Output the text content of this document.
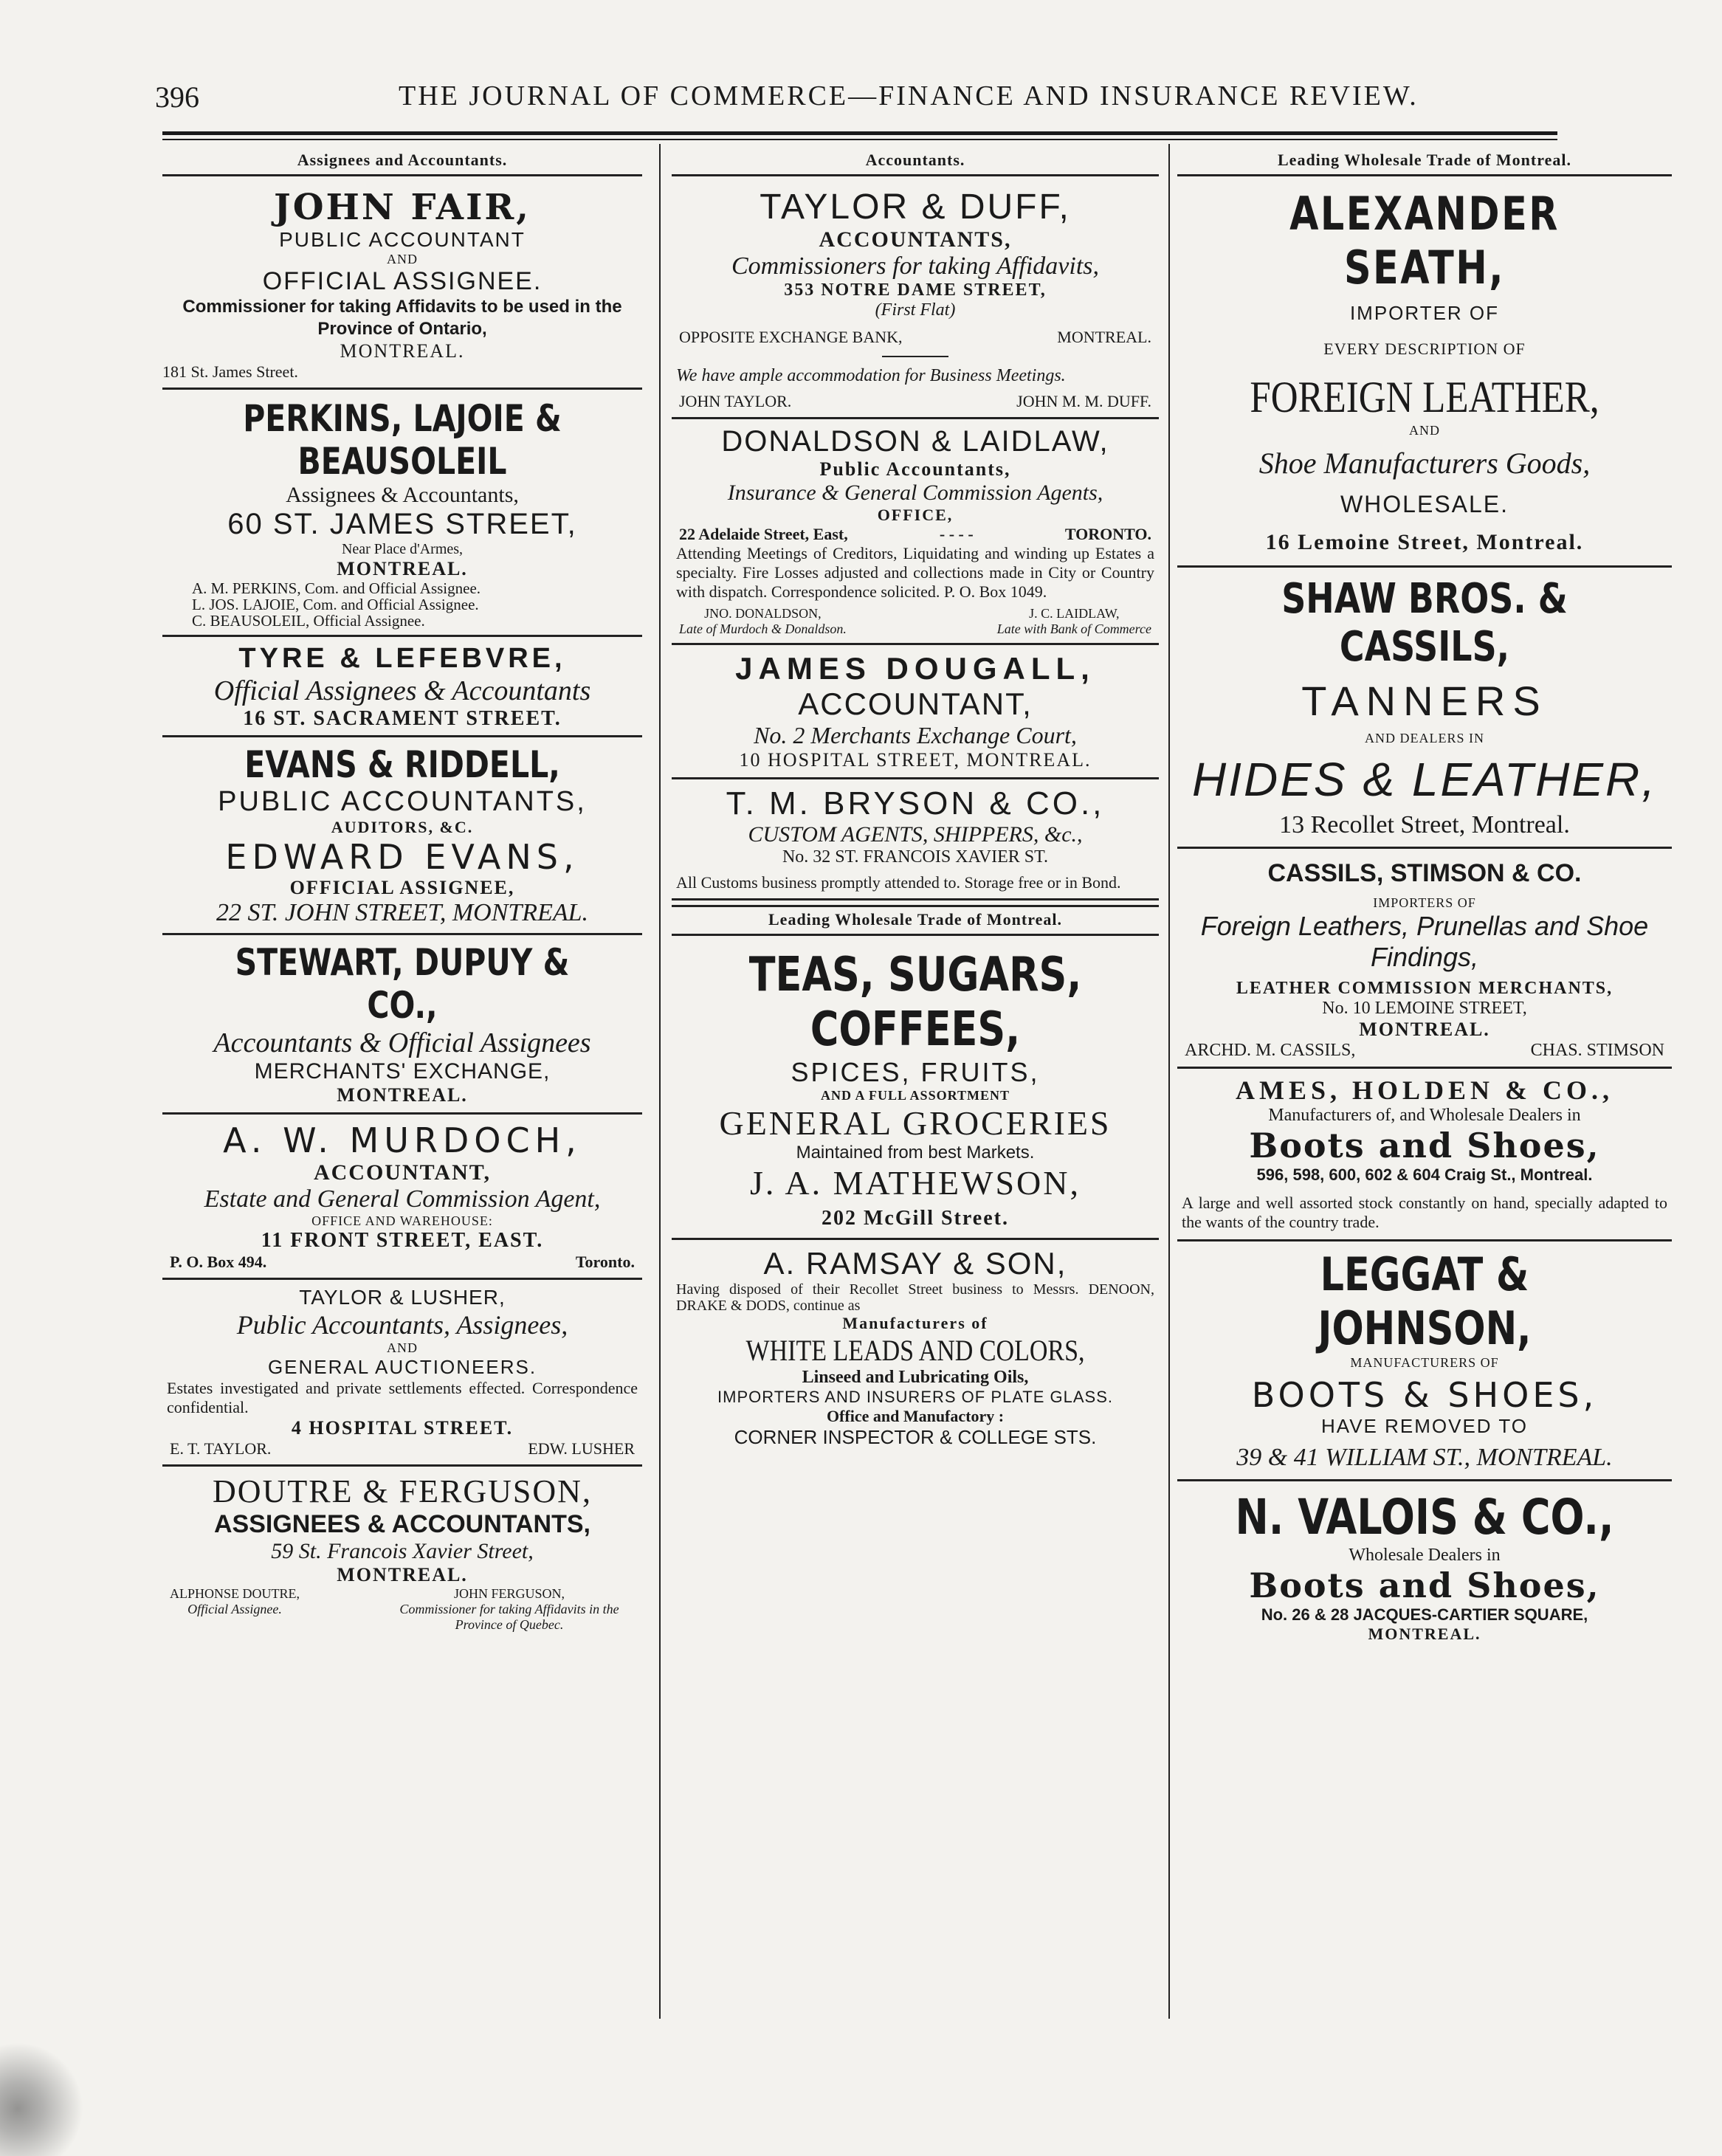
396	THE JOURNAL OF COMMERCE—FINANCE AND INSURANCE REVIEW.
Assignees and Accountants.
JOHN FAIR,
PUBLIC ACCOUNTANT
AND
OFFICIAL ASSIGNEE.
Commissioner for taking Affidavits to be used in the Province of Ontario,
MONTREAL.
181 St. James Street.
PERKINS, LAJOIE & BEAUSOLEIL
Assignees & Accountants,
60 ST. JAMES STREET,
Near Place d'Armes,
MONTREAL.
A. M. PERKINS, Com. and Official Assignee.
L. JOS. LAJOIE, Com. and Official Assignee.
C. BEAUSOLEIL, Official Assignee.
TYRE & LEFEBVRE,
Official Assignees & Accountants
16 ST. SACRAMENT STREET.
EVANS & RIDDELL,
PUBLIC ACCOUNTANTS,
AUDITORS, &C.
EDWARD EVANS,
OFFICIAL ASSIGNEE,
22 ST. JOHN STREET, MONTREAL.
STEWART, DUPUY & CO.,
Accountants & Official Assignees
MERCHANTS' EXCHANGE,
MONTREAL.
A. W. MURDOCH,
ACCOUNTANT,
Estate and General Commission Agent,
OFFICE AND WAREHOUSE:
11 FRONT STREET, EAST.
P. O. Box 494.	Toronto.
TAYLOR & LUSHER,
Public Accountants, Assignees,
AND
GENERAL AUCTIONEERS.
Estates investigated and private settlements effected. Correspondence confidential.
4 HOSPITAL STREET.
E. T. TAYLOR.	EDW. LUSHER
DOUTRE & FERGUSON,
ASSIGNEES & ACCOUNTANTS,
59 St. Francois Xavier Street,
MONTREAL.
ALPHONSE DOUTRE,
Official Assignee.
JOHN FERGUSON,
Commissioner for taking Affidavits in the Province of Quebec.
Accountants.
TAYLOR & DUFF,
ACCOUNTANTS,
Commissioners for taking Affidavits,
353 NOTRE DAME STREET,
(First Flat)
OPPOSITE EXCHANGE BANK,	MONTREAL.
We have ample accommodation for Business Meetings.
JOHN TAYLOR.	JOHN M. M. DUFF.
DONALDSON & LAIDLAW,
Public Accountants,
Insurance & General Commission Agents,
OFFICE,
22 Adelaide Street, East,	- - - -	TORONTO.
Attending Meetings of Creditors, Liquidating and winding up Estates a specialty. Fire Losses adjusted and collections made in City or Country with dispatch. Correspondence solicited. P. O. Box 1049.
JNO. DONALDSON,
Late of Murdoch & Donaldson.
J. C. LAIDLAW,
Late with Bank of Commerce
JAMES DOUGALL,
ACCOUNTANT,
No. 2 Merchants Exchange Court,
10 HOSPITAL STREET, MONTREAL.
T. M. BRYSON & CO.,
CUSTOM AGENTS, SHIPPERS, &c.,
No. 32 ST. FRANCOIS XAVIER ST.
All Customs business promptly attended to. Storage free or in Bond.
Leading Wholesale Trade of Montreal.
TEAS, SUGARS, COFFEES,
SPICES, FRUITS,
AND A FULL ASSORTMENT
GENERAL GROCERIES
Maintained from best Markets.
J. A. MATHEWSON,
202 McGill Street.
A. RAMSAY & SON,
Having disposed of their Recollet Street business to Messrs. DENOON, DRAKE & DODS, continue as
Manufacturers of
WHITE LEADS AND COLORS,
Linseed and Lubricating Oils,
IMPORTERS AND INSURERS OF PLATE GLASS.
Office and Manufactory :
CORNER INSPECTOR & COLLEGE STS.
Leading Wholesale Trade of Montreal.
ALEXANDER SEATH,
IMPORTER OF
EVERY DESCRIPTION OF
FOREIGN LEATHER,
AND
Shoe Manufacturers Goods,
WHOLESALE.
16 Lemoine Street, Montreal.
SHAW BROS. & CASSILS,
TANNERS
AND DEALERS IN
HIDES & LEATHER,
13 Recollet Street, Montreal.
CASSILS, STIMSON & CO.
IMPORTERS OF
Foreign Leathers, Prunellas and Shoe Findings,
LEATHER COMMISSION MERCHANTS,
No. 10 LEMOINE STREET,
MONTREAL.
ARCHD. M. CASSILS,	CHAS. STIMSON
AMES, HOLDEN & CO.,
Manufacturers of, and Wholesale Dealers in
Boots and Shoes,
596, 598, 600, 602 & 604 Craig St., Montreal.
A large and well assorted stock constantly on hand, specially adapted to the wants of the country trade.
LEGGAT & JOHNSON,
MANUFACTURERS OF
BOOTS & SHOES,
HAVE REMOVED TO
39 & 41 WILLIAM ST., MONTREAL.
N. VALOIS & CO.,
Wholesale Dealers in
Boots and Shoes,
No. 26 & 28 JACQUES-CARTIER SQUARE,
MONTREAL.
